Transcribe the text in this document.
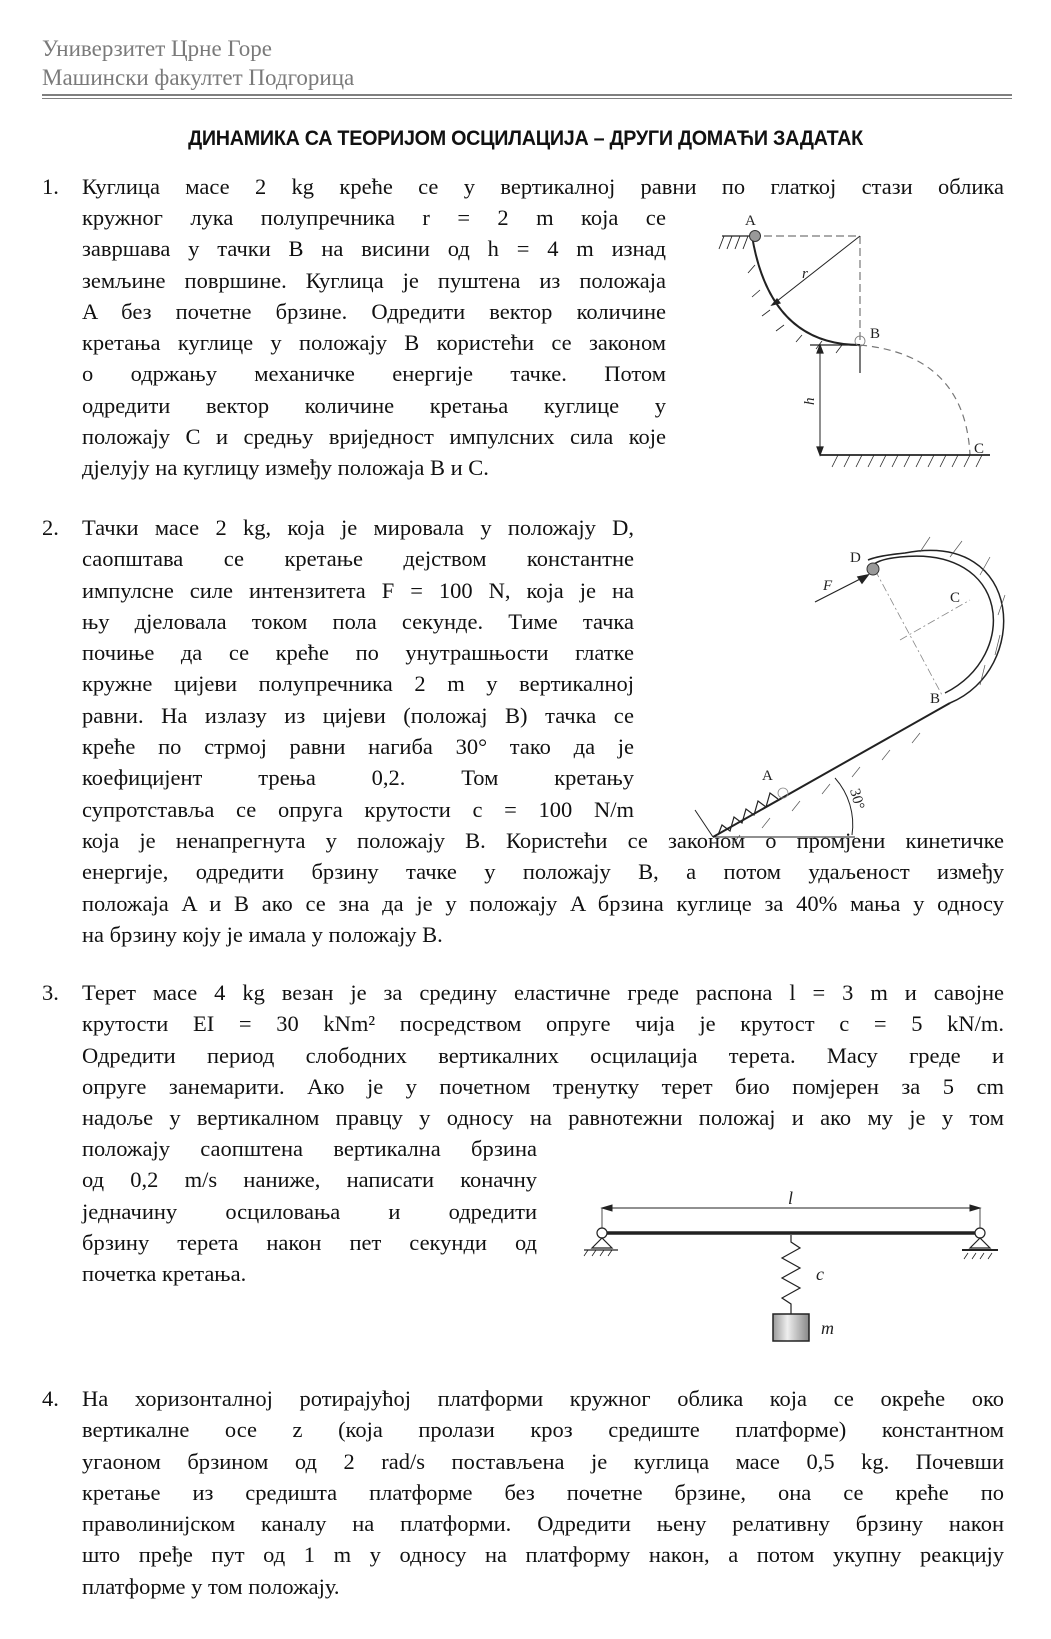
Универзитет Црне Горе
Машински факултет Подгорица
ДИНАМИКА СА ТЕОРИЈОМ ОСЦИЛАЦИЈА – ДРУГИ ДОМАЋИ ЗАДАТАК
1. Куглица масе 2 kg креће се у вертикалној равни по глаткој стази облика

кружног лука полупречника r = 2 m која се

завршава у тачки B на висини од h = 4 m изнад

земљине површине. Куглица је пуштена из положаја

A без почетне брзине. Одредити вектор количине

кретања куглице у положају B користећи се законом

о одржању механичке енергије тачке. Потом

одредити вектор количине кретања куглице у

положају C и средњу вриједност импулсних сила које

дјелују на куглицу између положаја B и C.

A
B
C
r
h
2. Тачки масе 2 kg, која је мировала у положају D,

саопштава се кретање дејством константне

импулсне силе интензитета F = 100 N, која је на

њу дјеловала током пола секунде. Тиме тачка

почиње да се креће по унутрашњости глатке

кружне цијеви полупречника 2 m у вертикалној

равни. На излазу из цијеви (положај B) тачка се

креће по стрмој равни нагиба 30° тако да је

коефицијент трења 0,2. Том кретању

супротставља се опруга крутости c = 100 N/m

која је ненапрегнута у положају B. Користећи се законом о промјени кинетичке

енергије, одредити брзину тачке у положају B, а потом удаљеност између

положаја A и B ако се зна да је у положају A брзина куглице за 40% мања у односу

на брзину коју је имала у положају B.

D
F
C
B
A
30°
3. Терет масе 4 kg везан је за средину еластичне греде распона l = 3 m и савојне

крутости EI = 30 kNm² посредством опруге чија је крутост c = 5 kN/m.

Одредити период слободних вертикалних осцилација терета. Масу греде и

опруге занемарити. Ако је у почетном тренутку терет био помјерен за 5 cm

надоље у вертикалном правцу у односу на равнотежни положај и ако му је у том

положају саопштена вертикална брзина

од 0,2 m/s наниже, написати коначну

једначину осциловања и одредити

брзину терета након пет секунди од

почетка кретања.

l
c
m
4. На хоризонталној ротирајућој платформи кружног облика која се окреће око

вертикалне осе z (која пролази кроз средиште платформе) константном

угаоном брзином од 2 rad/s постављена је куглица масе 0,5 kg. Почевши

кретање из средишта платформе без почетне брзине, она се креће по

праволинијском каналу на платформи. Одредити њену релативну брзину након

што пређе пут од 1 m у односу на платформу након, а потом укупну реакцију

платформе у том положају.
